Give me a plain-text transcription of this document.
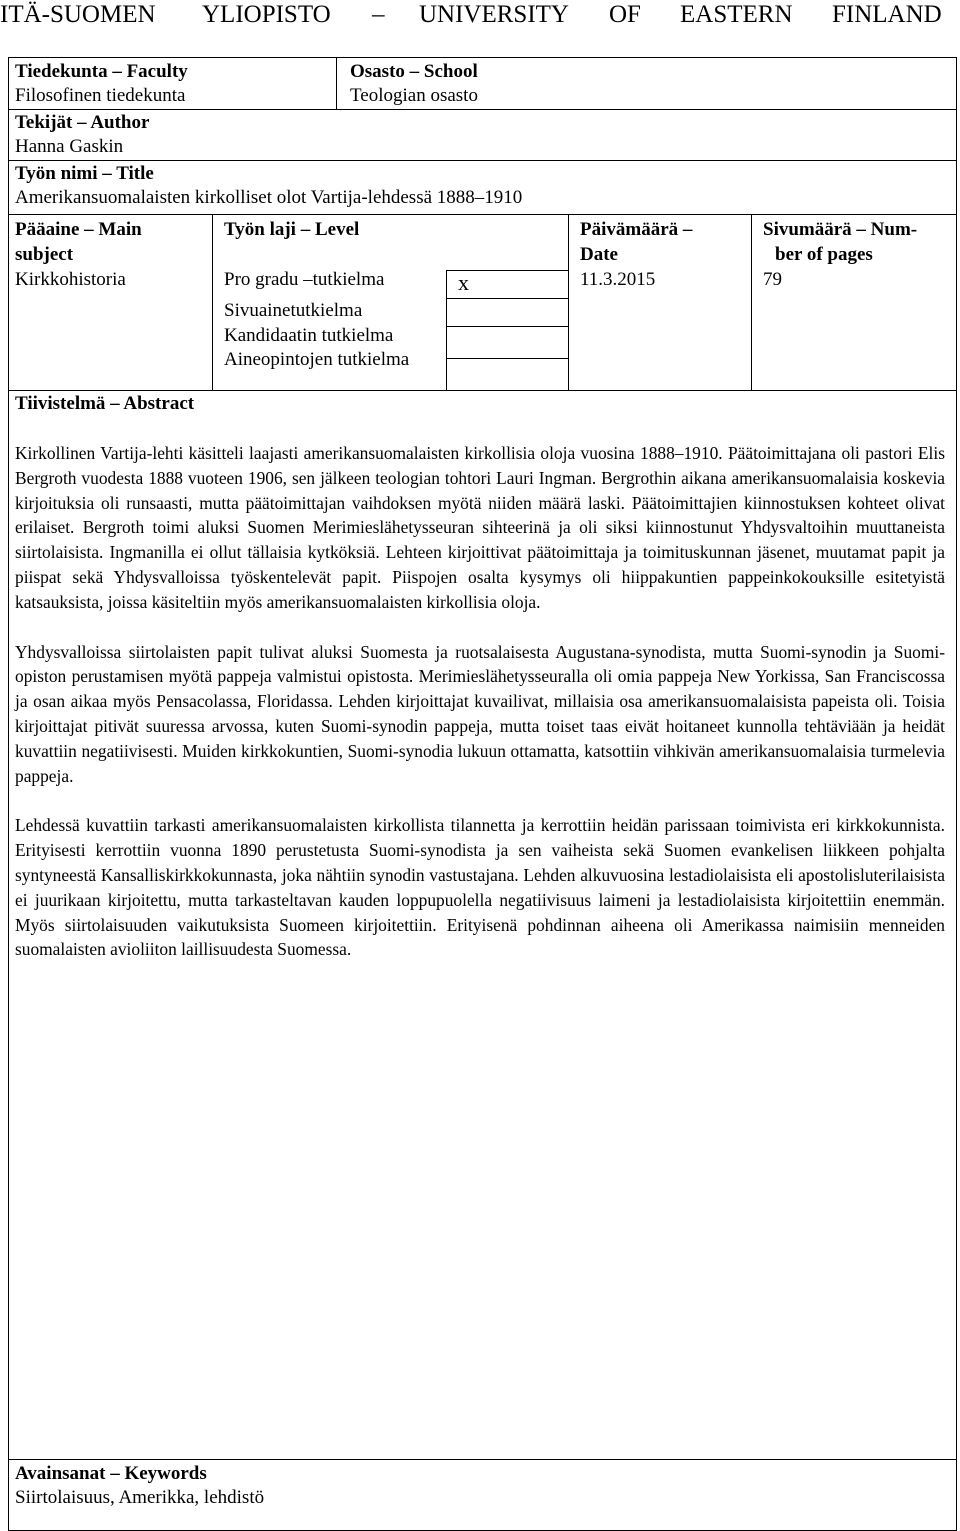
ITÄ-SUOMEN YLIOPISTO – UNIVERSITY OF EASTERN FINLAND
Tiedekunta – Faculty
Filosofinen tiedekunta
Osasto – School
Teologian osasto
Tekijät – Author
Hanna Gaskin
Työn nimi – Title
Amerikansuomalaisten kirkolliset olot Vartija-lehdessä 1888–1910
Pääaine – Main
subject
Kirkkohistoria
Työn laji – Level
Pro gradu –tutkielma
Sivuainetutkielma
Kandidaatin tutkielma
Aineopintojen tutkielma
x
Päivämäärä –
Date
11.3.2015
Sivumäärä – Num-
ber of pages
79
Tiivistelmä – Abstract

Kirkollinen Vartija-lehti käsitteli laajasti amerikansuomalaisten kirkollisia oloja vuosina 1888–1910. Päätoimittajana oli pastori Elis Bergroth vuodesta 1888 vuoteen 1906, sen jälkeen teologian tohtori Lauri Ingman. Bergrothin aikana amerikansuomalaisia koskevia kirjoituksia oli runsaasti, mutta päätoimittajan vaihdoksen myötä niiden määrä laski. Päätoimittajien kiinnostuksen kohteet olivat erilaiset. Bergroth toimi aluksi Suomen Merimieslähetysseuran sihteerinä ja oli siksi kiinnostunut Yhdysvaltoihin muuttaneista siirtolaisista. Ingmanilla ei ollut tällaisia kytköksiä. Lehteen kirjoittivat päätoimittaja ja toimituskunnan jäsenet, muutamat papit ja piispat sekä Yhdysvalloissa työskentelevät papit. Piispojen osalta kysymys oli hiippakuntien pappeinkokouksille esitetyistä katsauksista, joissa käsiteltiin myös amerikansuomalaisten kirkollisia oloja.

Yhdysvalloissa siirtolaisten papit tulivat aluksi Suomesta ja ruotsalaisesta Augustana-synodista, mutta Suomi-synodin ja Suomi-opiston perustamisen myötä pappeja valmistui opistosta. Merimieslähetysseuralla oli omia pappeja New Yorkissa, San Franciscossa ja osan aikaa myös Pensacolassa, Floridassa. Lehden kirjoittajat kuvailivat, millaisia osa amerikansuomalaisista papeista oli. Toisia kirjoittajat pitivät suuressa arvossa, kuten Suomi-synodin pappeja, mutta toiset taas eivät hoitaneet kunnolla tehtäviään ja heidät kuvattiin negatiivisesti. Muiden kirkkokuntien, Suomi-synodia lukuun ottamatta, katsottiin vihkivän amerikansuomalaisia turmelevia pappeja.

Lehdessä kuvattiin tarkasti amerikansuomalaisten kirkollista tilannetta ja kerrottiin heidän parissaan toimivista eri kirkkokunnista. Erityisesti kerrottiin vuonna 1890 perustetusta Suomi-synodista ja sen vaiheista sekä Suomen evankelisen liikkeen pohjalta syntyneestä Kansalliskirkkokunnasta, joka nähtiin synodin vastustajana. Lehden alkuvuosina lestadiolaisista eli apostolisluterilaisista ei juurikaan kirjoitettu, mutta tarkasteltavan kauden loppupuolella negatiivisuus laimeni ja lestadiolaisista kirjoitettiin enemmän. Myös siirtolaisuuden vaikutuksista Suomeen kirjoitettiin. Erityisenä pohdinnan aiheena oli Amerikassa naimisiin menneiden suomalaisten avioliiton laillisuudesta Suomessa.

Avainsanat – Keywords
Siirtolaisuus, Amerikka, lehdistö
